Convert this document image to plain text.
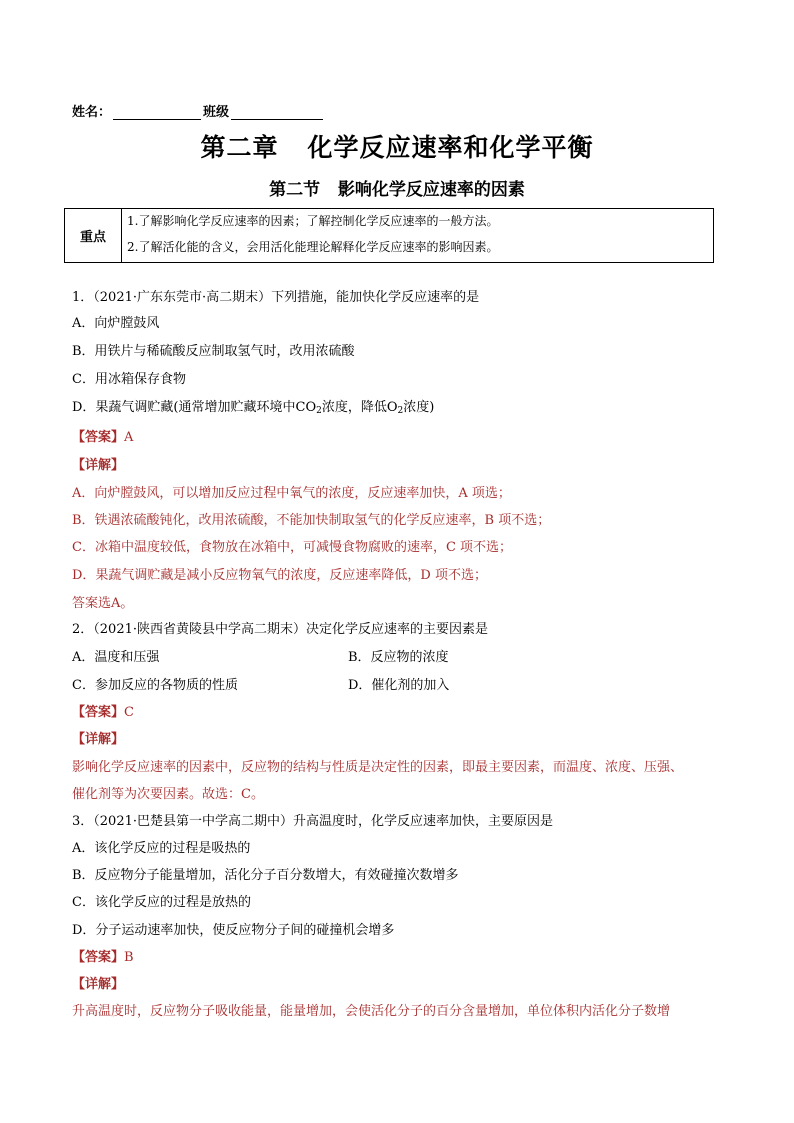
姓名：	班级
第二章   化学反应速率和化学平衡
第二节   影响化学反应速率的因素
重点
1.了解影响化学反应速率的因素；了解控制化学反应速率的一般方法。
2.了解活化能的含义，会用活化能理论解释化学反应速率的影响因素。
1．（2021·广东东莞市·高二期末）下列措施，能加快化学反应速率的是
A．向炉膛鼓风
B．用铁片与稀硫酸反应制取氢气时，改用浓硫酸
C．用冰箱保存食物
D．果蔬气调贮藏(通常增加贮藏环境中$CO_2$浓度，降低$O_2$浓度)
【答案】A
【详解】
A．向炉膛鼓风，可以增加反应过程中氧气的浓度，反应速率加快，A 项选；
B．铁遇浓硫酸钝化，改用浓硫酸，不能加快制取氢气的化学反应速率，B 项不选；
C．冰箱中温度较低，食物放在冰箱中，可减慢食物腐败的速率，C 项不选；
D．果蔬气调贮藏是减小反应物氧气的浓度，反应速率降低，D 项不选；
答案选A。
2．（2021·陕西省黄陵县中学高二期末）决定化学反应速率的主要因素是
A．温度和压强	B．反应物的浓度
C．参加反应的各物质的性质	D．催化剂的加入
【答案】C
【详解】
影响化学反应速率的因素中，反应物的结构与性质是决定性的因素，即最主要因素，而温度、浓度、压强、
催化剂等为次要因素。故选：C。
3．（2021·巴楚县第一中学高二期中）升高温度时，化学反应速率加快，主要原因是
A．该化学反应的过程是吸热的
B．反应物分子能量增加，活化分子百分数增大，有效碰撞次数增多
C．该化学反应的过程是放热的
D．分子运动速率加快，使反应物分子间的碰撞机会增多
【答案】B
【详解】
升高温度时，反应物分子吸收能量，能量增加，会使活化分子的百分含量增加，单位体积内活化分子数增
